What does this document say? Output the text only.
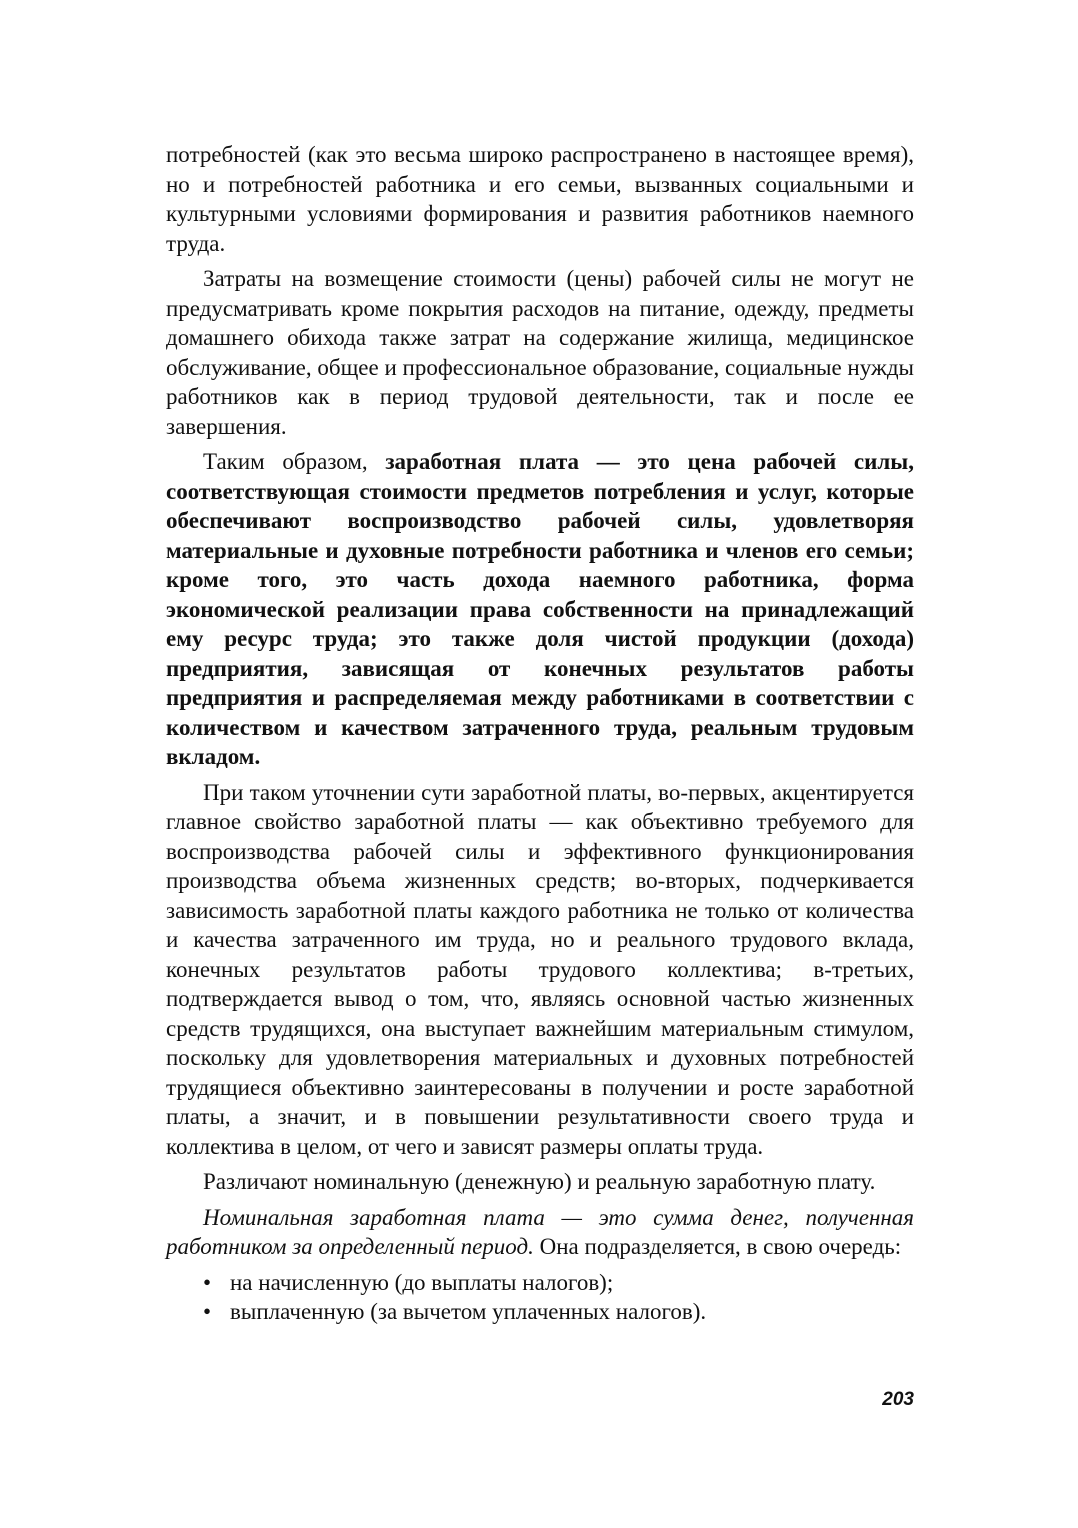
потребностей (как это весьма широко распространено в настоящее время), но и потребностей работника и его семьи, вызванных социальными и культурными условиями формирования и развития работников наемного труда.

Затраты на возмещение стоимости (цены) рабочей силы не могут не предусматривать кроме покрытия расходов на питание, одежду, предметы домашнего обихода также затрат на содержание жилища, медицинское обслуживание, общее и профессиональное образование, социальные нужды работников как в период трудовой деятельности, так и после ее завершения.

Таким образом, заработная плата — это цена рабочей силы, соответствующая стоимости предметов потребления и услуг, которые обеспечивают воспроизводство рабочей силы, удовлетворяя материальные и духовные потребности работника и членов его семьи; кроме того, это часть дохода наемного работника, форма экономической реализации права собственности на принадлежащий ему ресурс труда; это также доля чистой продукции (дохода) предприятия, зависящая от конечных результатов работы предприятия и распределяемая между работниками в соответствии с количеством и качеством затраченного труда, реальным трудовым вкладом.

При таком уточнении сути заработной платы, во-первых, акцентируется главное свойство заработной платы — как объективно требуемого для воспроизводства рабочей силы и эффективного функционирования производства объема жизненных средств; во-вторых, подчеркивается зависимость заработной платы каждого работника не только от количества и качества затраченного им труда, но и реального трудового вклада, конечных результатов работы трудового коллектива; в-третьих, подтверждается вывод о том, что, являясь основной частью жизненных средств трудящихся, она выступает важнейшим материальным стимулом, поскольку для удовлетворения материальных и духовных потребностей трудящиеся объективно заинтересованы в получении и росте заработной платы, а значит, и в повышении результативности своего труда и коллектива в целом, от чего и зависят размеры оплаты труда.

Различают номинальную (денежную) и реальную заработную плату.

Номинальная заработная плата — это сумма денег, полученная работником за определенный период. Она подразделяется, в свою очередь:

• на начисленную (до выплаты налогов);
• выплаченную (за вычетом уплаченных налогов).
203
